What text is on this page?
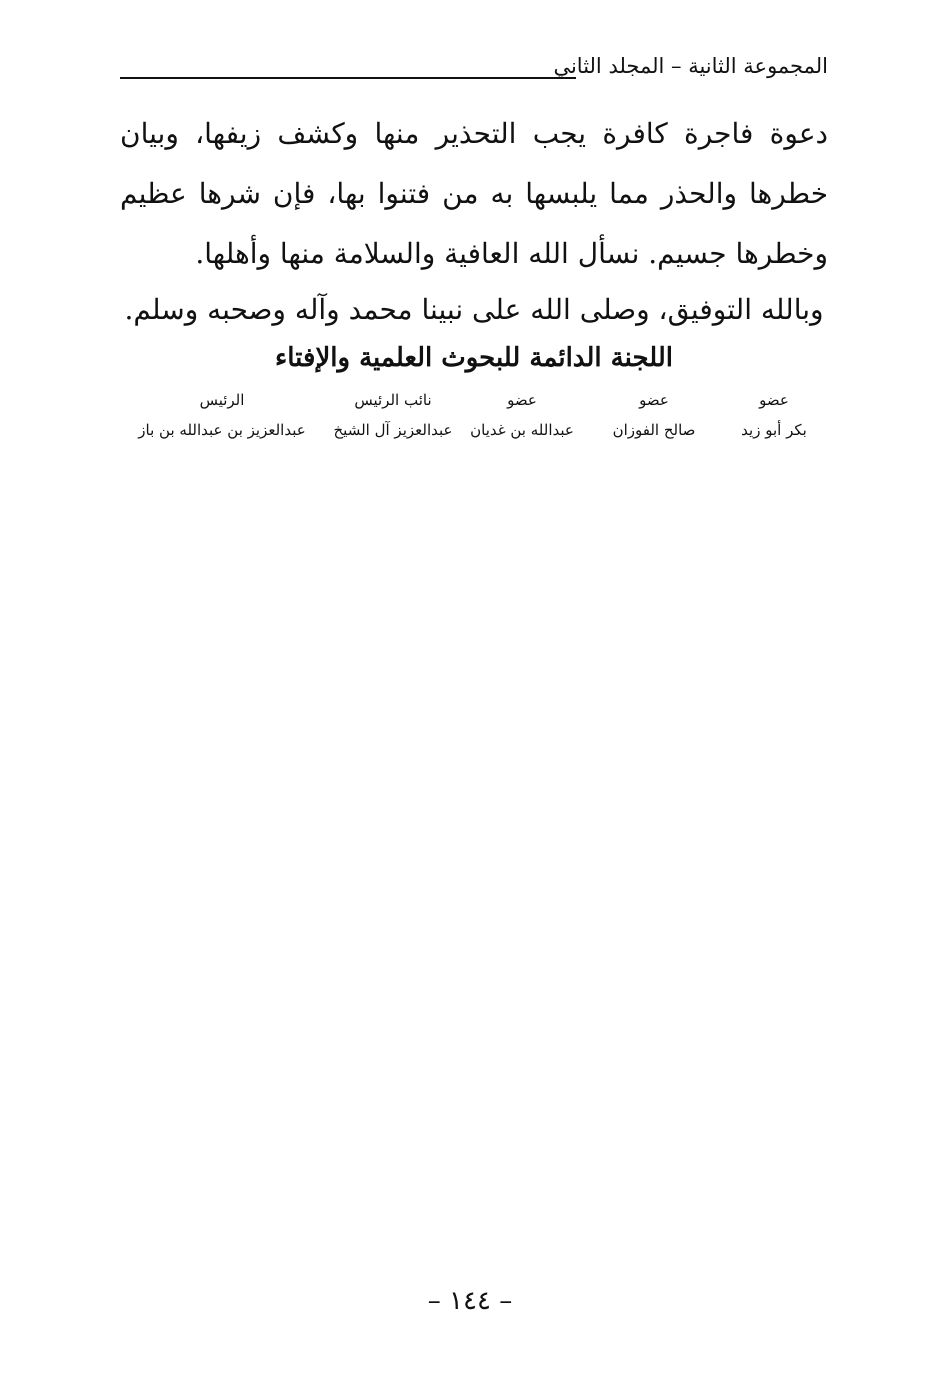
المجموعة الثانية – المجلد الثاني

دعوة فاجرة كافرة يجب التحذير منها وكشف زيفها، وبيان خطرها والحذر مما يلبسها به من فتنوا بها، فإن شرها عظيم وخطرها جسيم. نسأل الله العافية والسلامة منها وأهلها.

وبالله التوفيق، وصلى الله على نبينا محمد وآله وصحبه وسلم.
اللجنة الدائمة للبحوث العلمية والإفتاء
عضو
بكر أبو زيد
عضو
صالح الفوزان
عضو
عبدالله بن غديان
نائب الرئيس
عبدالعزيز آل الشيخ
الرئيس
عبدالعزيز بن عبدالله بن باز
– ١٤٤ –
